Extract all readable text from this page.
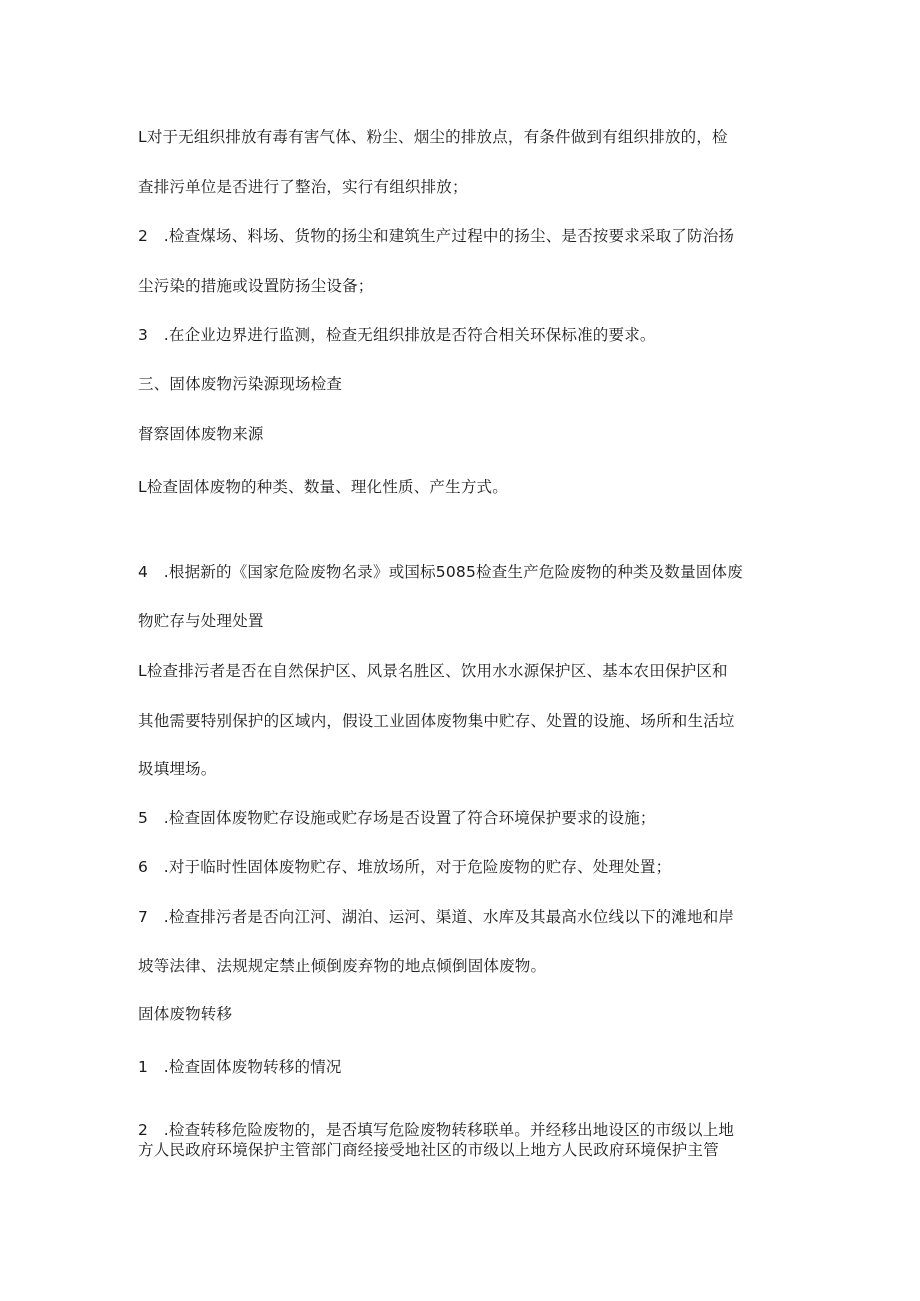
L对于无组织排放有毒有害气体、粉尘、烟尘的排放点，有条件做到有组织排放的，检
查排污单位是否进行了整治，实行有组织排放；
2　.检查煤场、料场、货物的扬尘和建筑生产过程中的扬尘、是否按要求采取了防治扬
尘污染的措施或设置防扬尘设备；
3　.在企业边界进行监测，检查无组织排放是否符合相关环保标准的要求。
三、固体废物污染源现场检查
督察固体废物来源
L检查固体废物的种类、数量、理化性质、产生方式。
4　.根据新的《国家危险废物名录》或国标5085检查生产危险废物的种类及数量固体废
物贮存与处理处置
L检查排污者是否在自然保护区、风景名胜区、饮用水水源保护区、基本农田保护区和
其他需要特别保护的区域内，假设工业固体废物集中贮存、处置的设施、场所和生活垃
圾填埋场。
5　.检查固体废物贮存设施或贮存场是否设置了符合环境保护要求的设施；
6　.对于临时性固体废物贮存、堆放场所，对于危险废物的贮存、处理处置；
7　.检查排污者是否向江河、湖泊、运河、渠道、水库及其最高水位线以下的滩地和岸
坡等法律、法规规定禁止倾倒废弃物的地点倾倒固体废物。
固体废物转移
1　.检查固体废物转移的情况
2　.检查转移危险废物的，是否填写危险废物转移联单。并经移出地设区的市级以上地
方人民政府环境保护主管部门商经接受地社区的市级以上地方人民政府环境保护主管
